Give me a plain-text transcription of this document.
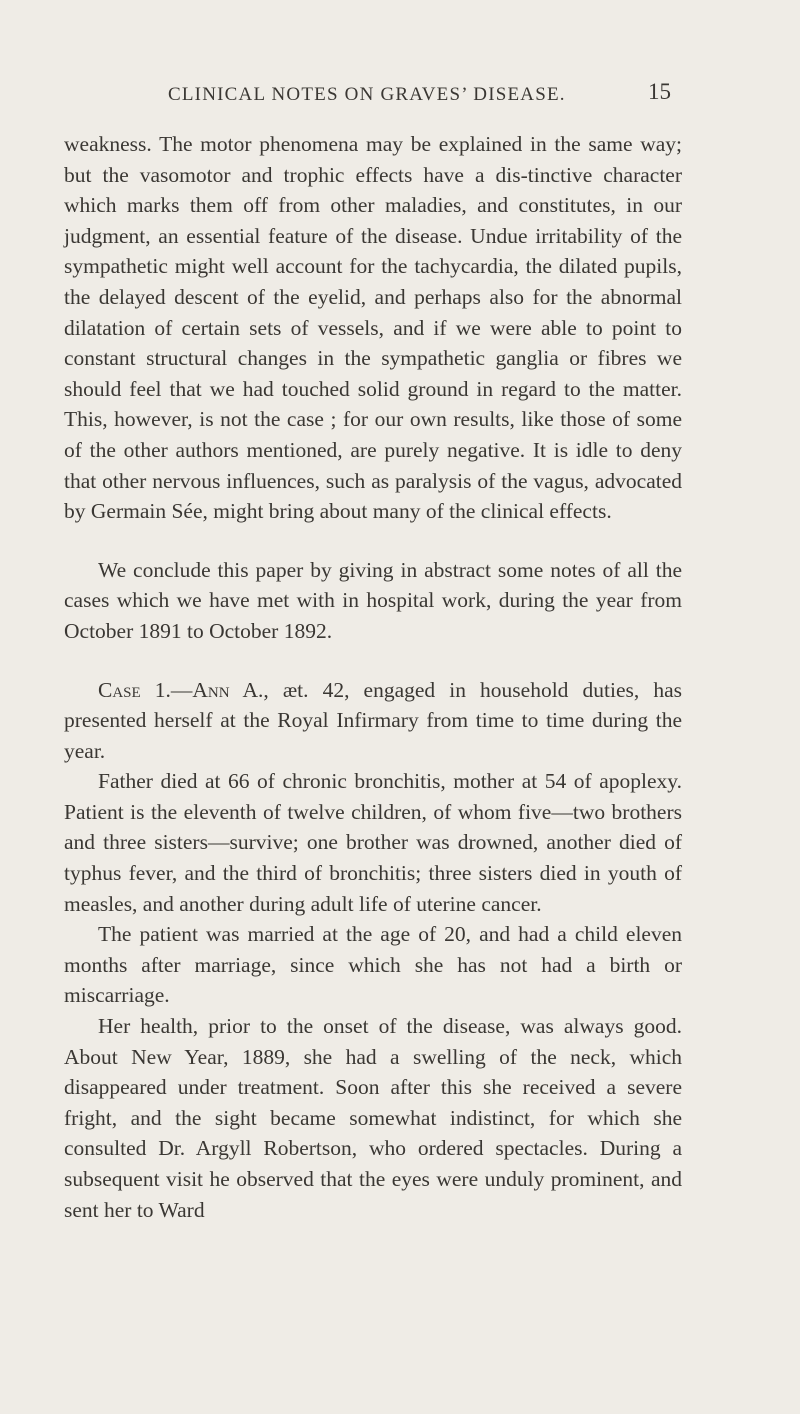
CLINICAL NOTES ON GRAVES’ DISEASE.	15

weakness. The motor phenomena may be explained in the same way; but the vasomotor and trophic effects have a dis-tinctive character which marks them off from other maladies, and constitutes, in our judgment, an essential feature of the disease. Undue irritability of the sympathetic might well account for the tachycardia, the dilated pupils, the delayed descent of the eyelid, and perhaps also for the abnormal dilatation of certain sets of vessels, and if we were able to point to constant structural changes in the sympathetic ganglia or fibres we should feel that we had touched solid ground in regard to the matter. This, however, is not the case ; for our own results, like those of some of the other authors mentioned, are purely negative. It is idle to deny that other nervous influences, such as paralysis of the vagus, advocated by Germain Sée, might bring about many of the clinical effects.

We conclude this paper by giving in abstract some notes of all the cases which we have met with in hospital work, during the year from October 1891 to October 1892.

Case 1.—Ann A., æt. 42, engaged in household duties, has presented herself at the Royal Infirmary from time to time during the year.

Father died at 66 of chronic bronchitis, mother at 54 of apoplexy. Patient is the eleventh of twelve children, of whom five—two brothers and three sisters—survive; one brother was drowned, another died of typhus fever, and the third of bronchitis; three sisters died in youth of measles, and another during adult life of uterine cancer.

The patient was married at the age of 20, and had a child eleven months after marriage, since which she has not had a birth or miscarriage.

Her health, prior to the onset of the disease, was always good. About New Year, 1889, she had a swelling of the neck, which disappeared under treatment. Soon after this she received a severe fright, and the sight became somewhat indistinct, for which she consulted Dr. Argyll Robertson, who ordered spectacles. During a subsequent visit he observed that the eyes were unduly prominent, and sent her to Ward
